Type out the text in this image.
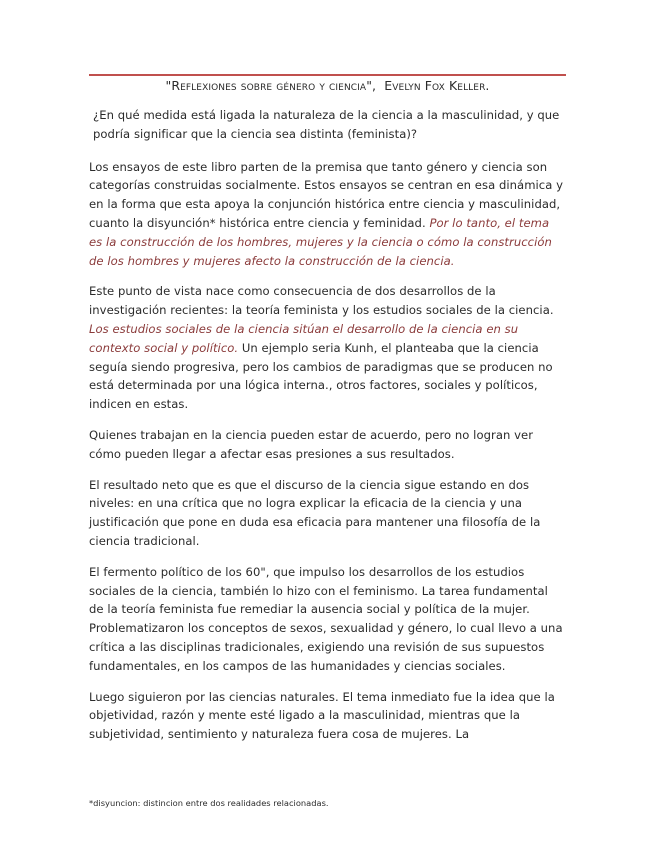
"Reflexiones sobre género y ciencia", Evelyn Fox Keller.

¿En qué medida está ligada la naturaleza de la ciencia a la masculinidad, y que podría significar que la ciencia sea distinta (feminista)?

Los ensayos de este libro parten de la premisa que tanto género y ciencia son categorías construidas socialmente. Estos ensayos se centran en esa dinámica y en la forma que esta apoya la conjunción histórica entre ciencia y masculinidad, cuanto la disyunción* histórica entre ciencia y feminidad. Por lo tanto, el tema es la construcción de los hombres, mujeres y la ciencia o cómo la construcción de los hombres y mujeres afecto la construcción de la ciencia.

Este punto de vista nace como consecuencia de dos desarrollos de la investigación recientes: la teoría feminista y los estudios sociales de la ciencia. Los estudios sociales de la ciencia sitúan el desarrollo de la ciencia en su contexto social y político. Un ejemplo seria Kunh, el planteaba que la ciencia seguía siendo progresiva, pero los cambios de paradigmas que se producen no está determinada por una lógica interna., otros factores, sociales y políticos, indicen en estas.

Quienes trabajan en la ciencia pueden estar de acuerdo, pero no logran ver cómo pueden llegar a afectar esas presiones a sus resultados.

El resultado neto que es que el discurso de la ciencia sigue estando en dos niveles: en una crítica que no logra explicar la eficacia de la ciencia y una justificación que pone en duda esa eficacia para mantener una filosofía de la ciencia tradicional.

El fermento político de los 60", que impulso los desarrollos de los estudios sociales de la ciencia, también lo hizo con el feminismo. La tarea fundamental de la teoría feminista fue remediar la ausencia social y política de la mujer. Problematizaron los conceptos de sexos, sexualidad y género, lo cual llevo a una crítica a las disciplinas tradicionales, exigiendo una revisión de sus supuestos fundamentales, en los campos de las humanidades y ciencias sociales.

Luego siguieron por las ciencias naturales. El tema inmediato fue la idea que la objetividad, razón y mente esté ligado a la masculinidad, mientras que la subjetividad, sentimiento y naturaleza fuera cosa de mujeres. La

*disyuncion: distincion entre dos realidades relacionadas.
